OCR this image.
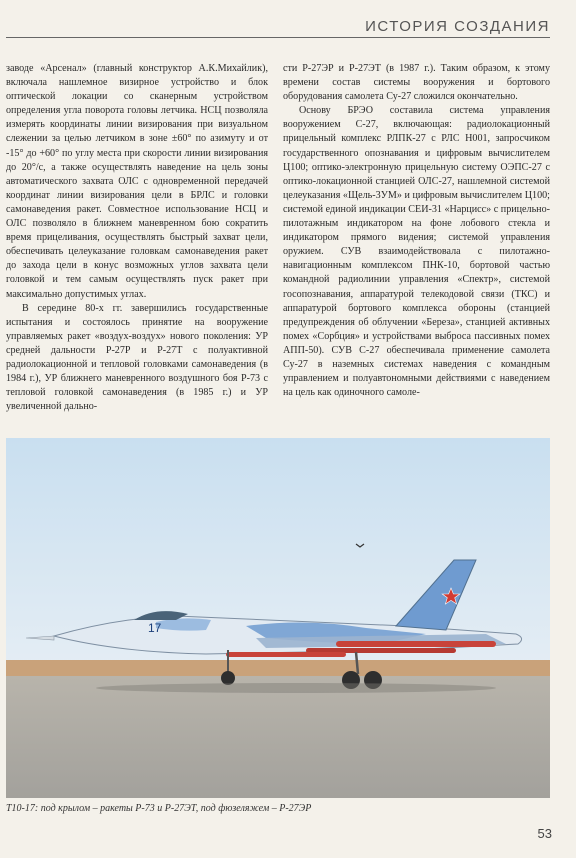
ИСТОРИЯ СОЗДАНИЯ

заводе «Арсенал» (главный конструктор А.К.Михайлик), включала нашлемное визирное устройство и блок оптической локации со сканерным устройством определения угла поворота головы летчика. НСЦ позволяла измерять координаты линии визирования при визуальном слежении за целью летчиком в зоне ±60° по азимуту и от -15° до +60° по углу места при скорости линии визирования до 20°/с, а также осуществлять наведение на цель зоны автоматического захвата ОЛС с одновременной передачей координат линии визирования цели в БРЛС и головки самонаведения ракет. Совместное использование НСЦ и ОЛС позволяло в ближнем маневренном бою сократить время прицеливания, осуществлять быстрый захват цели, обеспечивать целеуказание головкам самонаведения ракет до захода цели в конус возможных углов захвата цели головкой и тем самым осуществлять пуск ракет при максимально допустимых углах.

В середине 80-х гг. завершились государственные испытания и состоялось принятие на вооружение управляемых ракет «воздух-воздух» нового поколения: УР средней дальности Р-27Р и Р-27Т с полуактивной радиолокационной и тепловой головками самонаведения (в 1984 г.), УР ближнего маневренного воздушного боя Р-73 с тепловой головкой самонаведения (в 1985 г.) и УР увеличенной дально-

сти Р-27ЭР и Р-27ЭТ (в 1987 г.). Таким образом, к этому времени состав системы вооружения и бортового оборудования самолета Су-27 сложился окончательно.

Основу БРЭО составила система управления вооружением С-27, включающая: радиолокационный прицельный комплекс РЛПК-27 с РЛС Н001, запросчиком государственного опознавания и цифровым вычислителем Ц100; оптико-электронную прицельную систему ОЭПС-27 с оптико-локационной станцией ОЛС-27, нашлемной системой целеуказания «Щель-3УМ» и цифровым вычислителем Ц100; системой единой индикации СЕИ-31 «Нарцисс» с прицельно-пилотажным индикатором на фоне лобового стекла и индикатором прямого видения; системой управления оружием. СУВ взаимодействовала с пилотажно-навигационным комплексом ПНК-10, бортовой частью командной радиолинии управления «Спектр», системой госопознавания, аппаратурой телекодовой связи (ТКС) и аппаратурой бортового комплекса обороны (станцией предупреждения об облучении «Береза», станцией активных помех «Сорбция» и устройствами выброса пассивных помех АПП-50). СУВ С-27 обеспечивала применение самолета Су-27 в наземных системах наведения с командным управлением и полуавтономными действиями с наведением на цель как одиночного самоле-

17
Т10-17: под крылом – ракеты Р-73 и Р-27ЭТ, под фюзеляжем – Р-27ЭР
53
